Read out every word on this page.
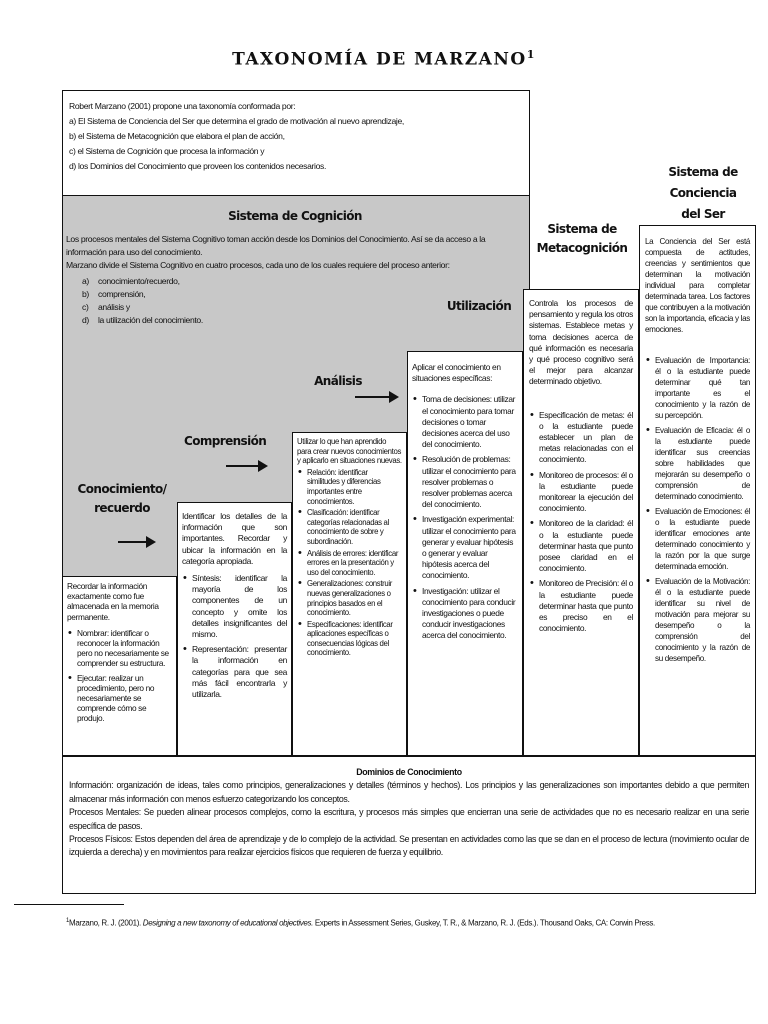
TAXONOMÍA DE MARZANO$^1$
Robert Marzano (2001) propone una taxonomía conformada por:
a) El Sistema de Conciencia del Ser que determina el grado de motivación al nuevo aprendizaje,
b) el Sistema de Metacognición que elabora el plan de acción,
c) el Sistema de Cognición que procesa la información y
d) los Dominios del Conocimiento que proveen los contenidos necesarios.
Sistema de Cognición
Los procesos mentales del Sistema Cognitivo toman acción desde los Dominios del Conocimiento. Así se da acceso a la información para uso del conocimiento.
Marzano divide el Sistema Cognitivo en cuatro procesos, cada uno de los cuales requiere del proceso anterior:
a) conocimiento/recuerdo,
b) comprensión,
c) análisis y
d) la utilización del conocimiento.
Conocimiento/
recuerdo
Comprensión
Análisis
Utilización
Recordar la información exactamente como fue almacenada en la memoria permanente.
• Nombrar: identificar o reconocer la información pero no necesariamente se comprender su estructura.
• Ejecutar: realizar un procedimiento, pero no necesariamente se comprende cómo se produjo.
Identificar los detalles de la información que son importantes. Recordar y ubicar la información en la categoría apropiada.
• Síntesis: identificar la mayoría de los componentes de un concepto y omite los detalles insignificantes del mismo.
• Representación: presentar la información en categorías para que sea más fácil encontrarla y utilizarla.
Utilizar lo que han aprendido para crear nuevos conocimientos y aplicarlo en situaciones nuevas.
• Relación: identificar similitudes y diferencias importantes entre conocimientos.
• Clasificación: identificar categorías relacionadas al conocimiento de sobre y subordinación.
• Análisis de errores: identificar errores en la presentación y uso del conocimiento.
• Generalizaciones: construir nuevas generalizaciones o principios basados en el conocimiento.
• Especificaciones: identificar aplicaciones específicas o consecuencias lógicas del conocimiento.
Aplicar el conocimiento en situaciones específicas:
• Toma de decisiones: utilizar el conocimiento para tomar decisiones o tomar decisiones acerca del uso del conocimiento.
• Resolución de problemas: utilizar el conocimiento para resolver problemas o resolver problemas acerca del conocimiento.
• Investigación experimental: utilizar el conocimiento para generar y evaluar hipótesis o generar y evaluar hipótesis acerca del conocimiento.
• Investigación: utilizar el conocimiento para conducir investigaciones o puede conducir investigaciones acerca del conocimiento.
Sistema de
Metacognición
Controla los procesos de pensamiento y regula los otros sistemas. Establece metas y toma decisiones acerca de qué información es necesaria y qué proceso cognitivo será el mejor para alcanzar determinado objetivo.
• Especificación de metas: él o la estudiante puede establecer un plan de metas relacionadas con el conocimiento.
• Monitoreo de procesos: él o la estudiante puede monitorear la ejecución del conocimiento.
• Monitoreo de la claridad: él o la estudiante puede determinar hasta que punto posee claridad en el conocimiento.
• Monitoreo de Precisión: él o la estudiante puede determinar hasta que punto es preciso en el conocimiento.
Sistema de Conciencia
del Ser
La Conciencia del Ser está compuesta de actitudes, creencias y sentimientos que determinan la motivación individual para completar determinada tarea. Los factores que contribuyen a la motivación son la importancia, eficacia y las emociones.
• Evaluación de Importancia: él o la estudiante puede determinar qué tan importante es el conocimiento y la razón de su percepción.
• Evaluación de Eficacia: él o la estudiante puede identificar sus creencias sobre habilidades que mejorarán su desempeño o comprensión de determinado conocimiento.
• Evaluación de Emociones: él o la estudiante puede identificar emociones ante determinado conocimiento y la razón por la que surge determinada emoción.
• Evaluación de la Motivación: él o la estudiante puede identificar su nivel de motivación para mejorar su desempeño o la comprensión del conocimiento y la razón de su desempeño.
Dominios de Conocimiento
Información: organización de ideas, tales como principios, generalizaciones y detalles (términos y hechos). Los principios y las generalizaciones son importantes debido a que permiten almacenar más información con menos esfuerzo categorizando los conceptos.
Procesos Mentales: Se pueden alinear procesos complejos, como la escritura, y procesos más simples que encierran una serie de actividades que no es necesario realizar en una serie específica de pasos.
Procesos Físicos: Estos dependen del área de aprendizaje y de lo complejo de la actividad. Se presentan en actividades como las que se dan en el proceso de lectura (movimiento ocular de izquierda a derecha) y en movimientos para realizar ejercicios físicos que requieren de fuerza y equilibrio.
$^1$Marzano, R. J. (2001). Designing a new taxonomy of educational objectives. Experts in Assessment Series, Guskey, T. R., & Marzano, R. J. (Eds.). Thousand Oaks, CA: Corwin Press.
